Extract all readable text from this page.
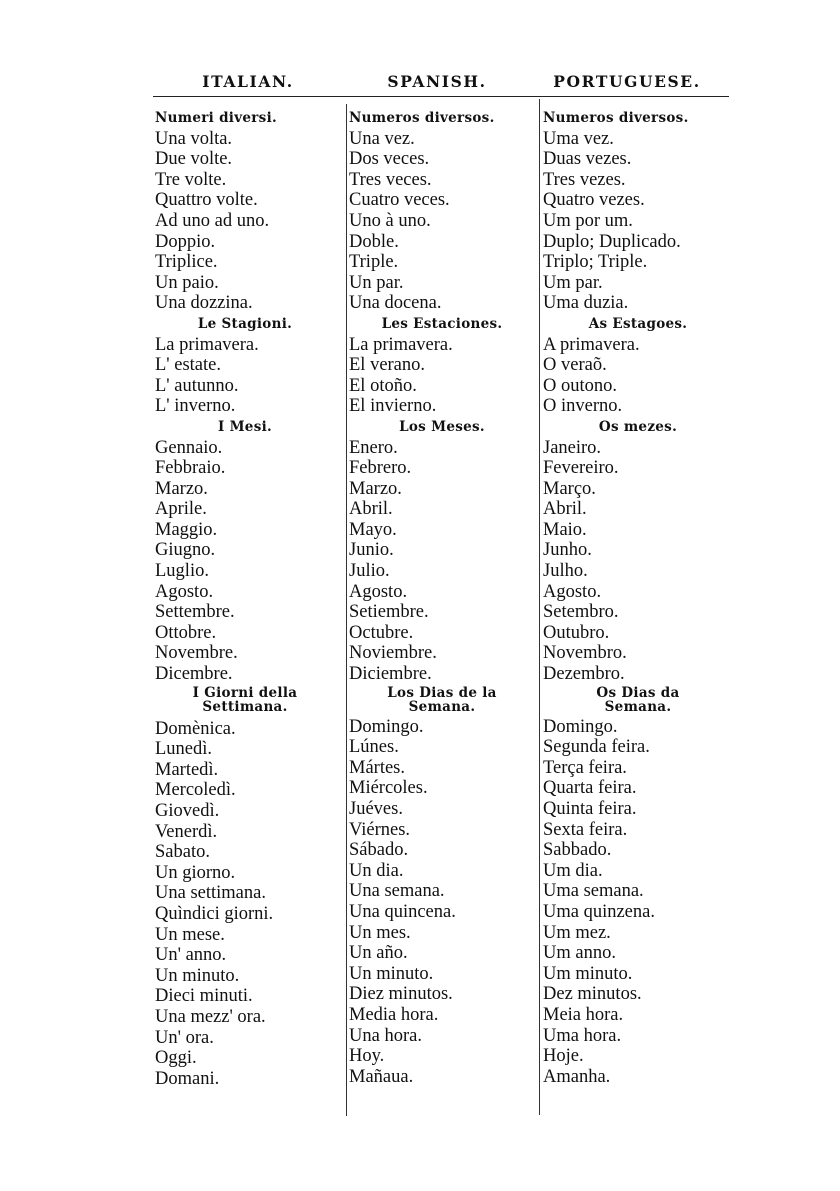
ITALIAN.	SPANISH.	PORTUGUESE.
Numeri diversi.
Una volta.
Due volte.
Tre volte.
Quattro volte.
Ad uno ad uno.
Doppio.
Triplice.
Un paio.
Una dozzina.
Le Stagioni.
La primavera.
L' estate.
L' autunno.
L' inverno.
I Mesi.
Gennaio.
Febbraio.
Marzo.
Aprile.
Maggio.
Giugno.
Luglio.
Agosto.
Settembre.
Ottobre.
Novembre.
Dicembre.
I Giorni della
Settimana.
Domènica.
Lunedì.
Martedì.
Mercoledì.
Giovedì.
Venerdì.
Sabato.
Un giorno.
Una settimana.
Quìndici giorni.
Un mese.
Un' anno.
Un minuto.
Dieci minuti.
Una mezz' ora.
Un' ora.
Oggi.
Domani.
Numeros diversos.
Una vez.
Dos veces.
Tres veces.
Cuatro veces.
Uno à uno.
Doble.
Triple.
Un par.
Una docena.
Les Estaciones.
La primavera.
El verano.
El otoño.
El invierno.
Los Meses.
Enero.
Febrero.
Marzo.
Abril.
Mayo.
Junio.
Julio.
Agosto.
Setiembre.
Octubre.
Noviembre.
Diciembre.
Los Dias de la
Semana.
Domingo.
Lúnes.
Mártes.
Miércoles.
Juéves.
Viérnes.
Sábado.
Un dia.
Una semana.
Una quincena.
Un mes.
Un año.
Un minuto.
Diez minutos.
Media hora.
Una hora.
Hoy.
Mañaua.
Numeros diversos.
Uma vez.
Duas vezes.
Tres vezes.
Quatro vezes.
Um por um.
Duplo; Duplicado.
Triplo; Triple.
Um par.
Uma duzia.
As Estagoes.
A primavera.
O veraõ.
O outono.
O inverno.
Os mezes.
Janeiro.
Fevereiro.
Março.
Abril.
Maio.
Junho.
Julho.
Agosto.
Setembro.
Outubro.
Novembro.
Dezembro.
Os Dias da
Semana.
Domingo.
Segunda feira.
Terça feira.
Quarta feira.
Quinta feira.
Sexta feira.
Sabbado.
Um dia.
Uma semana.
Uma quinzena.
Um mez.
Um anno.
Um minuto.
Dez minutos.
Meia hora.
Uma hora.
Hoje.
Amanha.
